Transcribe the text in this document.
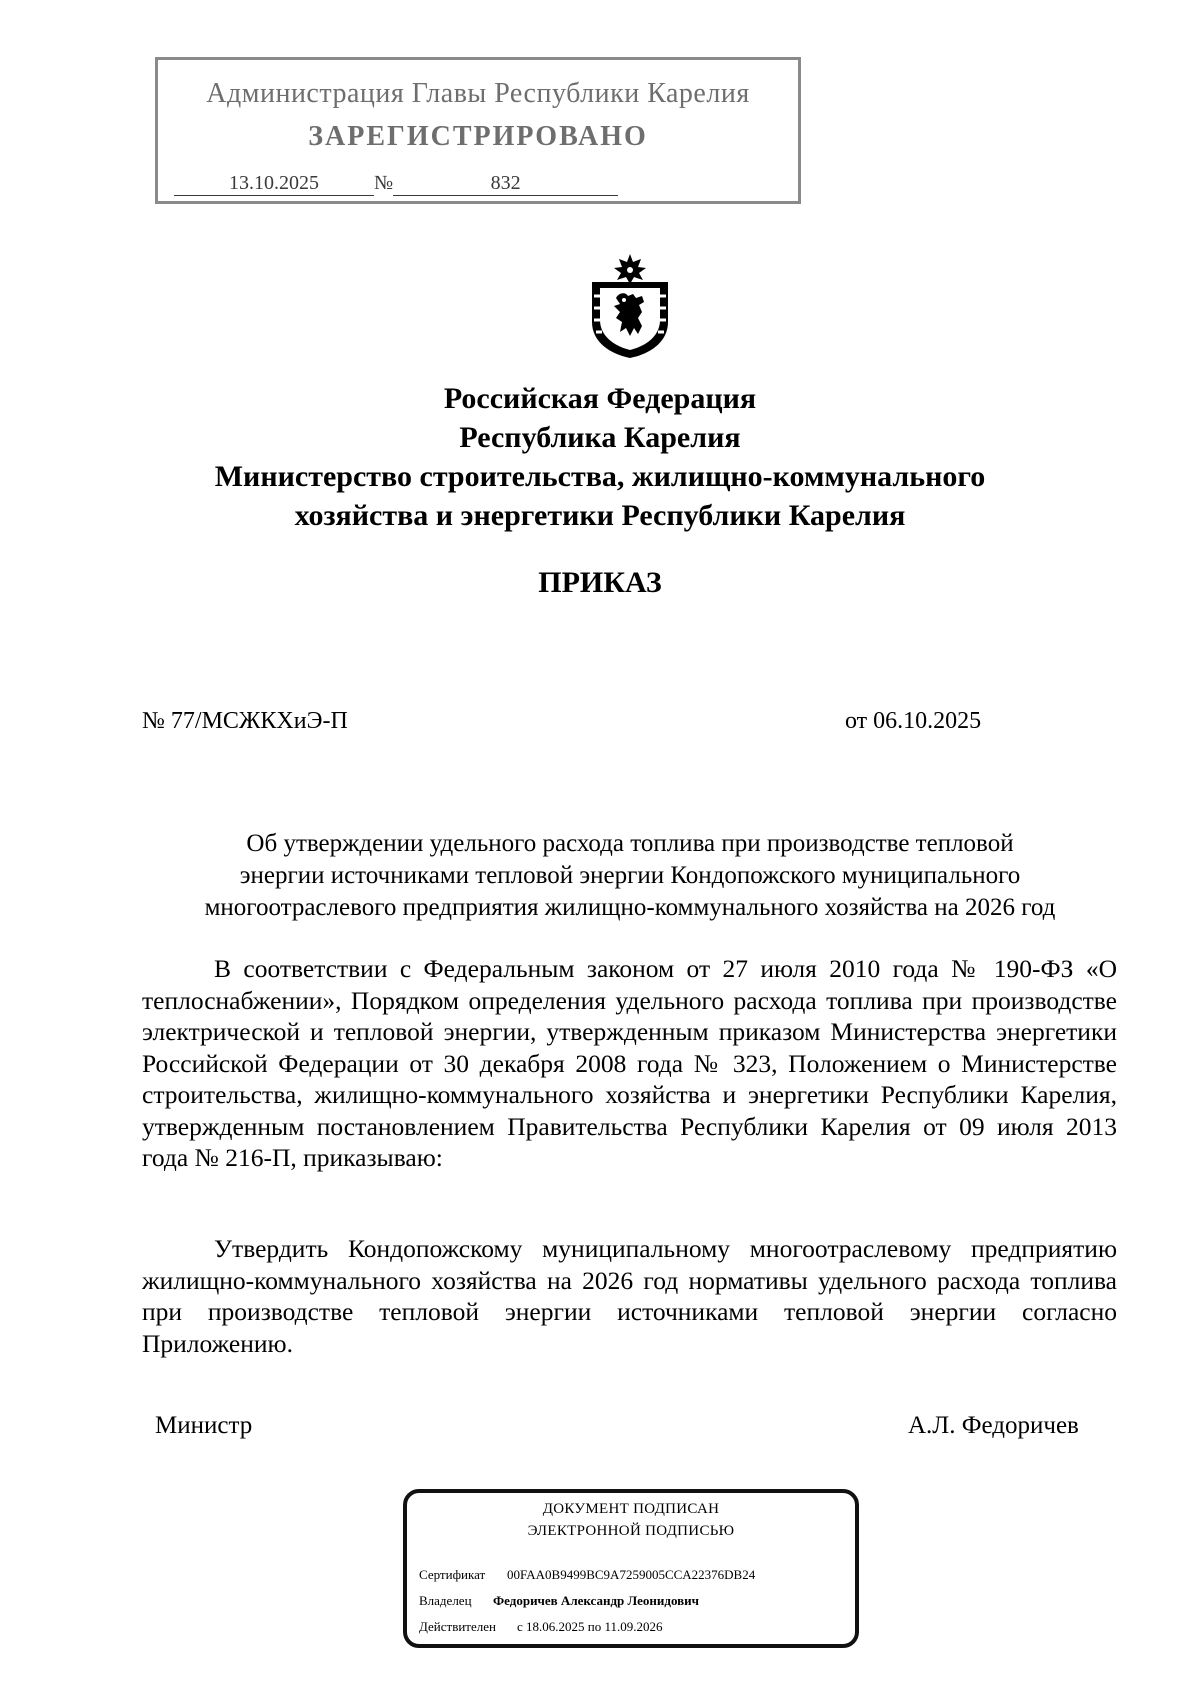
Администрация Главы Республики Карелия
ЗАРЕГИСТРИРОВАНО
13.10.2025	№	832
Российская Федерация
Республика Карелия
Министерство строительства, жилищно-коммунального
хозяйства и энергетики Республики Карелия
ПРИКАЗ
№ 77/МСЖКХиЭ-П	от 06.10.2025
Об утверждении удельного расхода топлива при производстве тепловой
энергии источниками тепловой энергии Кондопожского муниципального
многоотраслевого предприятия жилищно-коммунального хозяйства на 2026 год
В соответствии с Федеральным законом от 27 июля 2010 года № 190-ФЗ «О теплоснабжении», Порядком определения удельного расхода топлива при производстве электрической и тепловой энергии, утвержденным приказом Министерства энергетики Российской Федерации от 30 декабря 2008 года № 323, Положением о Министерстве строительства, жилищно-коммунального хозяйства и энергетики Республики Карелия, утвержденным постановлением Правительства Республики Карелия от 09 июля 2013 года № 216-П, приказываю:
Утвердить Кондопожскому муниципальному многоотраслевому предприятию жилищно-коммунального хозяйства на 2026 год нормативы удельного расхода топлива при производстве тепловой энергии источниками тепловой энергии согласно Приложению.
Министр	А.Л. Федоричев
ДОКУМЕНТ ПОДПИСАН
ЭЛЕКТРОННОЙ ПОДПИСЬЮ
Сертификат 00FAA0B9499BC9A7259005CCA22376DB24
Владелец Федоричев Александр Леонидович
Действителен с 18.06.2025 по 11.09.2026
